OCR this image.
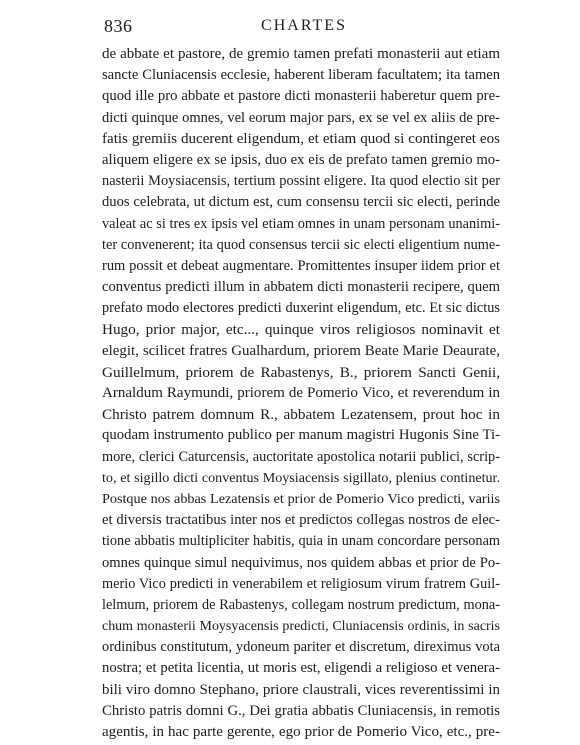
836	CHARTES
de abbate et pastore, de gremio tamen prefati monasterii aut etiam
sancte Cluniacensis ecclesie, haberent liberam facultatem; ita tamen
quod ille pro abbate et pastore dicti monasterii haberetur quem pre-
dicti quinque omnes, vel eorum major pars, ex se vel ex aliis de pre-
fatis gremiis ducerent eligendum, et etiam quod si contingeret eos
aliquem eligere ex se ipsis, duo ex eis de prefato tamen gremio mo-
nasterii Moysiacensis, tertium possint eligere. Ita quod electio sit per
duos celebrata, ut dictum est, cum consensu tercii sic electi, perinde
valeat ac si tres ex ipsis vel etiam omnes in unam personam unanimi-
ter convenerent; ita quod consensus tercii sic electi eligentium nume-
rum possit et debeat augmentare. Promittentes insuper iidem prior et
conventus predicti illum in abbatem dicti monasterii recipere, quem
prefato modo electores predicti duxerint eligendum, etc. Et sic dictus
Hugo, prior major, etc..., quinque viros religiosos nominavit et
elegit, scilicet fratres Gualhardum, priorem Beate Marie Deaurate,
Guillelmum, priorem de Rabastenys, B., priorem Sancti Genii,
Arnaldum Raymundi, priorem de Pomerio Vico, et reverendum in
Christo patrem domnum R., abbatem Lezatensem, prout hoc in
quodam instrumento publico per manum magistri Hugonis Sine Ti-
more, clerici Caturcensis, auctoritate apostolica notarii publici, scrip-
to, et sigillo dicti conventus Moysiacensis sigillato, plenius continetur.
Postque nos abbas Lezatensis et prior de Pomerio Vico predicti, variis
et diversis tractatibus inter nos et predictos collegas nostros de elec-
tione abbatis multipliciter habitis, quia in unam concordare personam
omnes quinque simul nequivimus, nos quidem abbas et prior de Po-
merio Vico predicti in venerabilem et religiosum virum fratrem Guil-
lelmum, priorem de Rabastenys, collegam nostrum predictum, mona-
chum monasterii Moysyacensis predicti, Cluniacensis ordinis, in sacris
ordinibus constitutum, ydoneum pariter et discretum, direximus vota
nostra; et petita licentia, ut moris est, eligendi a religioso et venera-
bili viro domno Stephano, priore claustrali, vices reverentissimi in
Christo patris domni G., Dei gratia abbatis Cluniacensis, in remotis
agentis, in hac parte gerente, ego prior de Pomerio Vico, etc., pre-
